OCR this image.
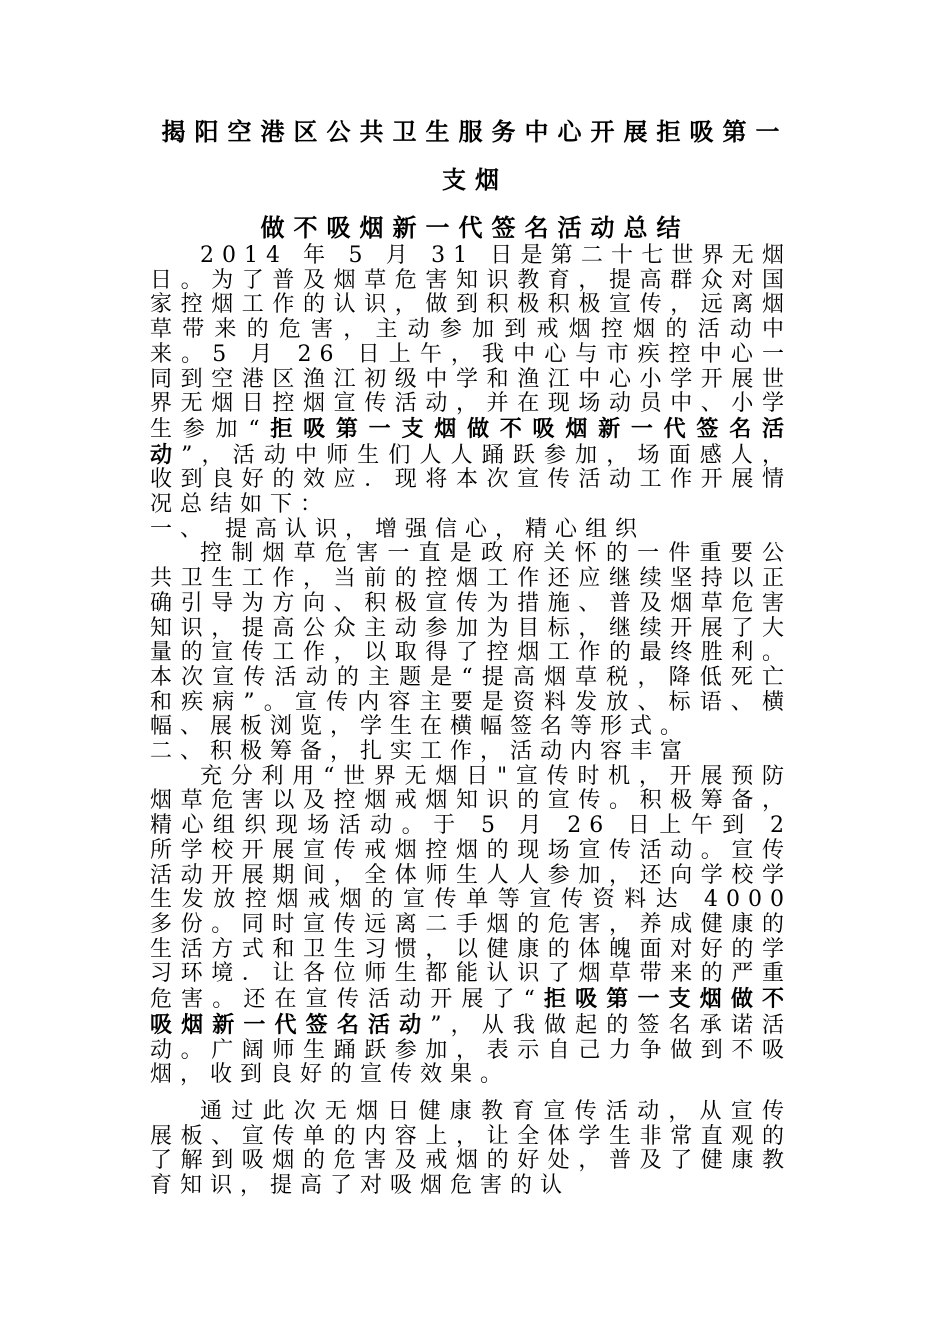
揭阳空港区公共卫生服务中心开展拒吸第一
支烟
做不吸烟新一代签名活动总结

2014 年 5 月 31 日是第二十七世界无烟日。为了普及烟草危害知识教育，提高群众对国家控烟工作的认识，做到积极积极宣传，远离烟草带来的危害，主动参加到戒烟控烟的活动中来。5 月 26 日上午，我中心与市疾控中心一同到空港区渔江初级中学和渔江中心小学开展世界无烟日控烟宣传活动，并在现场动员中、小学生参加“拒吸第一支烟做不吸烟新一代签名活动”，活动中师生们人人踊跃参加，场面感人，收到良好的效应．现将本次宣传活动工作开展情况总结如下：

一、 提高认识，增强信心，精心组织

控制烟草危害一直是政府关怀的一件重要公共卫生工作，当前的控烟工作还应继续坚持以正确引导为方向、积极宣传为措施、普及烟草危害知识，提高公众主动参加为目标，继续开展了大量的宣传工作，以取得了控烟工作的最终胜利。本次宣传活动的主题是“提高烟草税，降低死亡和疾病”。宣传内容主要是资料发放、标语、横幅、展板浏览，学生在横幅签名等形式。

二、积极筹备，扎实工作，活动内容丰富

充分利用“世界无烟日"宣传时机，开展预防烟草危害以及控烟戒烟知识的宣传。积极筹备，精心组织现场活动。于 5 月 26 日上午到 2 所学校开展宣传戒烟控烟的现场宣传活动。宣传活动开展期间，全体师生人人参加，还向学校学生发放控烟戒烟的宣传单等宣传资料达 4000 多份。同时宣传远离二手烟的危害，养成健康的生活方式和卫生习惯，以健康的体魄面对好的学习环境．让各位师生都能认识了烟草带来的严重危害。还在宣传活动开展了“拒吸第一支烟做不吸烟新一代签名活动”，从我做起的签名承诺活动。广阔师生踊跃参加，表示自己力争做到不吸烟，收到良好的宣传效果。

通过此次无烟日健康教育宣传活动，从宣传展板、宣传单的内容上，让全体学生非常直观的了解到吸烟的危害及戒烟的好处，普及了健康教育知识，提高了对吸烟危害的认
